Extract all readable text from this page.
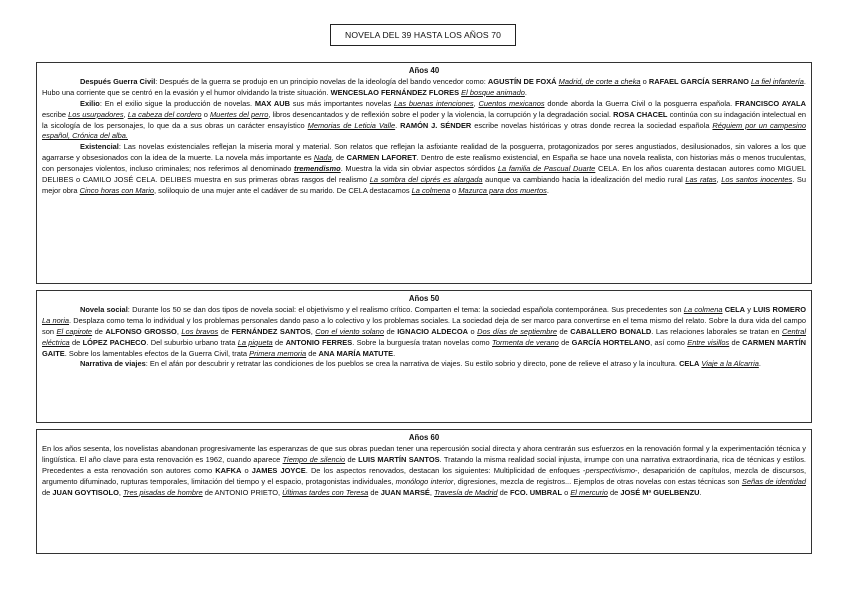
NOVELA DEL 39 HASTA LOS AÑOS 70
Años 40

Después Guerra Civil: Después de la guerra se produjo en un principio novelas de la ideología del bando vencedor como: AGUSTÍN DE FOXÁ Madrid, de corte a cheka o RAFAEL GARCÍA SERRANO La fiel infantería. Hubo una corriente que se centró en la evasión y el humor olvidando la triste situación. WENCESLAO FERNÁNDEZ FLORES El bosque animado.

Exilio: En el exilio sigue la producción de novelas. MAX AUB sus más importantes novelas Las buenas intenciones, Cuentos mexicanos donde aborda la Guerra Civil o la posguerra española. FRANCISCO AYALA escribe Los usurpadores, La cabeza del cordero o Muertes del perro, libros desencantados y de reflexión sobre el poder y la violencia, la corrupción y la degradación social. ROSA CHACEL continúa con su indagación intelectual en la sicología de los personajes, lo que da a sus obras un carácter ensayístico Memorias de Leticia Valle. RAMÓN J. SÉNDER escribe novelas históricas y otras donde recrea la sociedad española Réquiem por un campesino español, Crónica del alba.

Existencial: Las novelas existenciales reflejan la miseria moral y material. Son relatos que reflejan la asfixiante realidad de la posguerra, protagonizados por seres angustiados, desilusionados, sin valores a los que agarrarse y obsesionados con la idea de la muerte. La novela más importante es Nada, de CARMEN LAFORET. Dentro de este realismo existencial, en España se hace una novela realista, con historias más o menos truculentas, con personajes violentos, incluso criminales; nos referimos al denominado tremendismo. Muestra la vida sin obviar aspectos sórdidos La familia de Pascual Duarte CELA. En los años cuarenta destacan autores como MIGUEL DELIBES o CAMILO JOSÉ CELA. DELIBES muestra en sus primeras obras rasgos del realismo La sombra del ciprés es alargada aunque va cambiando hacia la idealización del medio rural Las ratas, Los santos inocentes. Su mejor obra Cinco horas con Mario, soliloquio de una mujer ante el cadáver de su marido. De CELA destacamos La colmena o Mazurca para dos muertos.

Años 50

Novela social: Durante los 50 se dan dos tipos de novela social: el objetivismo y el realismo crítico. Comparten el tema: la sociedad española contemporánea. Sus precedentes son La colmena CELA y LUIS ROMERO La noria. Desplaza como tema lo individual y los problemas personales dando paso a lo colectivo y los problemas sociales. La sociedad deja de ser marco para convertirse en el tema mismo del relato. Sobre la dura vida del campo son El capirote de ALFONSO GROSSO, Los bravos de FERNÁNDEZ SANTOS, Con el viento solano de IGNACIO ALDECOA o Dos días de septiembre de CABALLERO BONALD. Las relaciones laborales se tratan en Central eléctrica de LÓPEZ PACHECO. Del suburbio urbano trata La piqueta de ANTONIO FERRES. Sobre la burguesía tratan novelas como Tormenta de verano de GARCÍA HORTELANO, así como Entre visillos de CARMEN MARTÍN GAITE. Sobre los lamentables efectos de la Guerra Civil, trata Primera memoria de ANA MARÍA MATUTE.

Narrativa de viajes: En el afán por descubrir y retratar las condiciones de los pueblos se crea la narrativa de viajes. Su estilo sobrio y directo, pone de relieve el atraso y la incultura. CELA Viaje a la Alcarria.

Años 60

En los años sesenta, los novelistas abandonan progresivamente las esperanzas de que sus obras puedan tener una repercusión social directa y ahora centrarán sus esfuerzos en la renovación formal y la experimentación técnica y lingüística. El año clave para esta renovación es 1962, cuando aparece Tiempo de silencio de LUIS MARTÍN SANTOS. Tratando la misma realidad social injusta, irrumpe con una narrativa extraordinaria, rica de técnicas y estilos. Precedentes a esta renovación son autores como KAFKA o JAMES JOYCE. De los aspectos renovados, destacan los siguientes: Multiplicidad de enfoques -perspectivismo-, desaparición de capítulos, mezcla de discursos, argumento difuminado, rupturas temporales, limitación del tiempo y el espacio, protagonistas individuales, monólogo interior, digresiones, mezcla de registros... Ejemplos de otras novelas con estas técnicas son Señas de identidad de JUAN GOYTISOLO, Tres pisadas de hombre de ANTONIO PRIETO, Últimas tardes con Teresa de JUAN MARSÉ, Travesía de Madrid de FCO. UMBRAL o El mercurio de JOSÉ Mª GUELBENZU.
